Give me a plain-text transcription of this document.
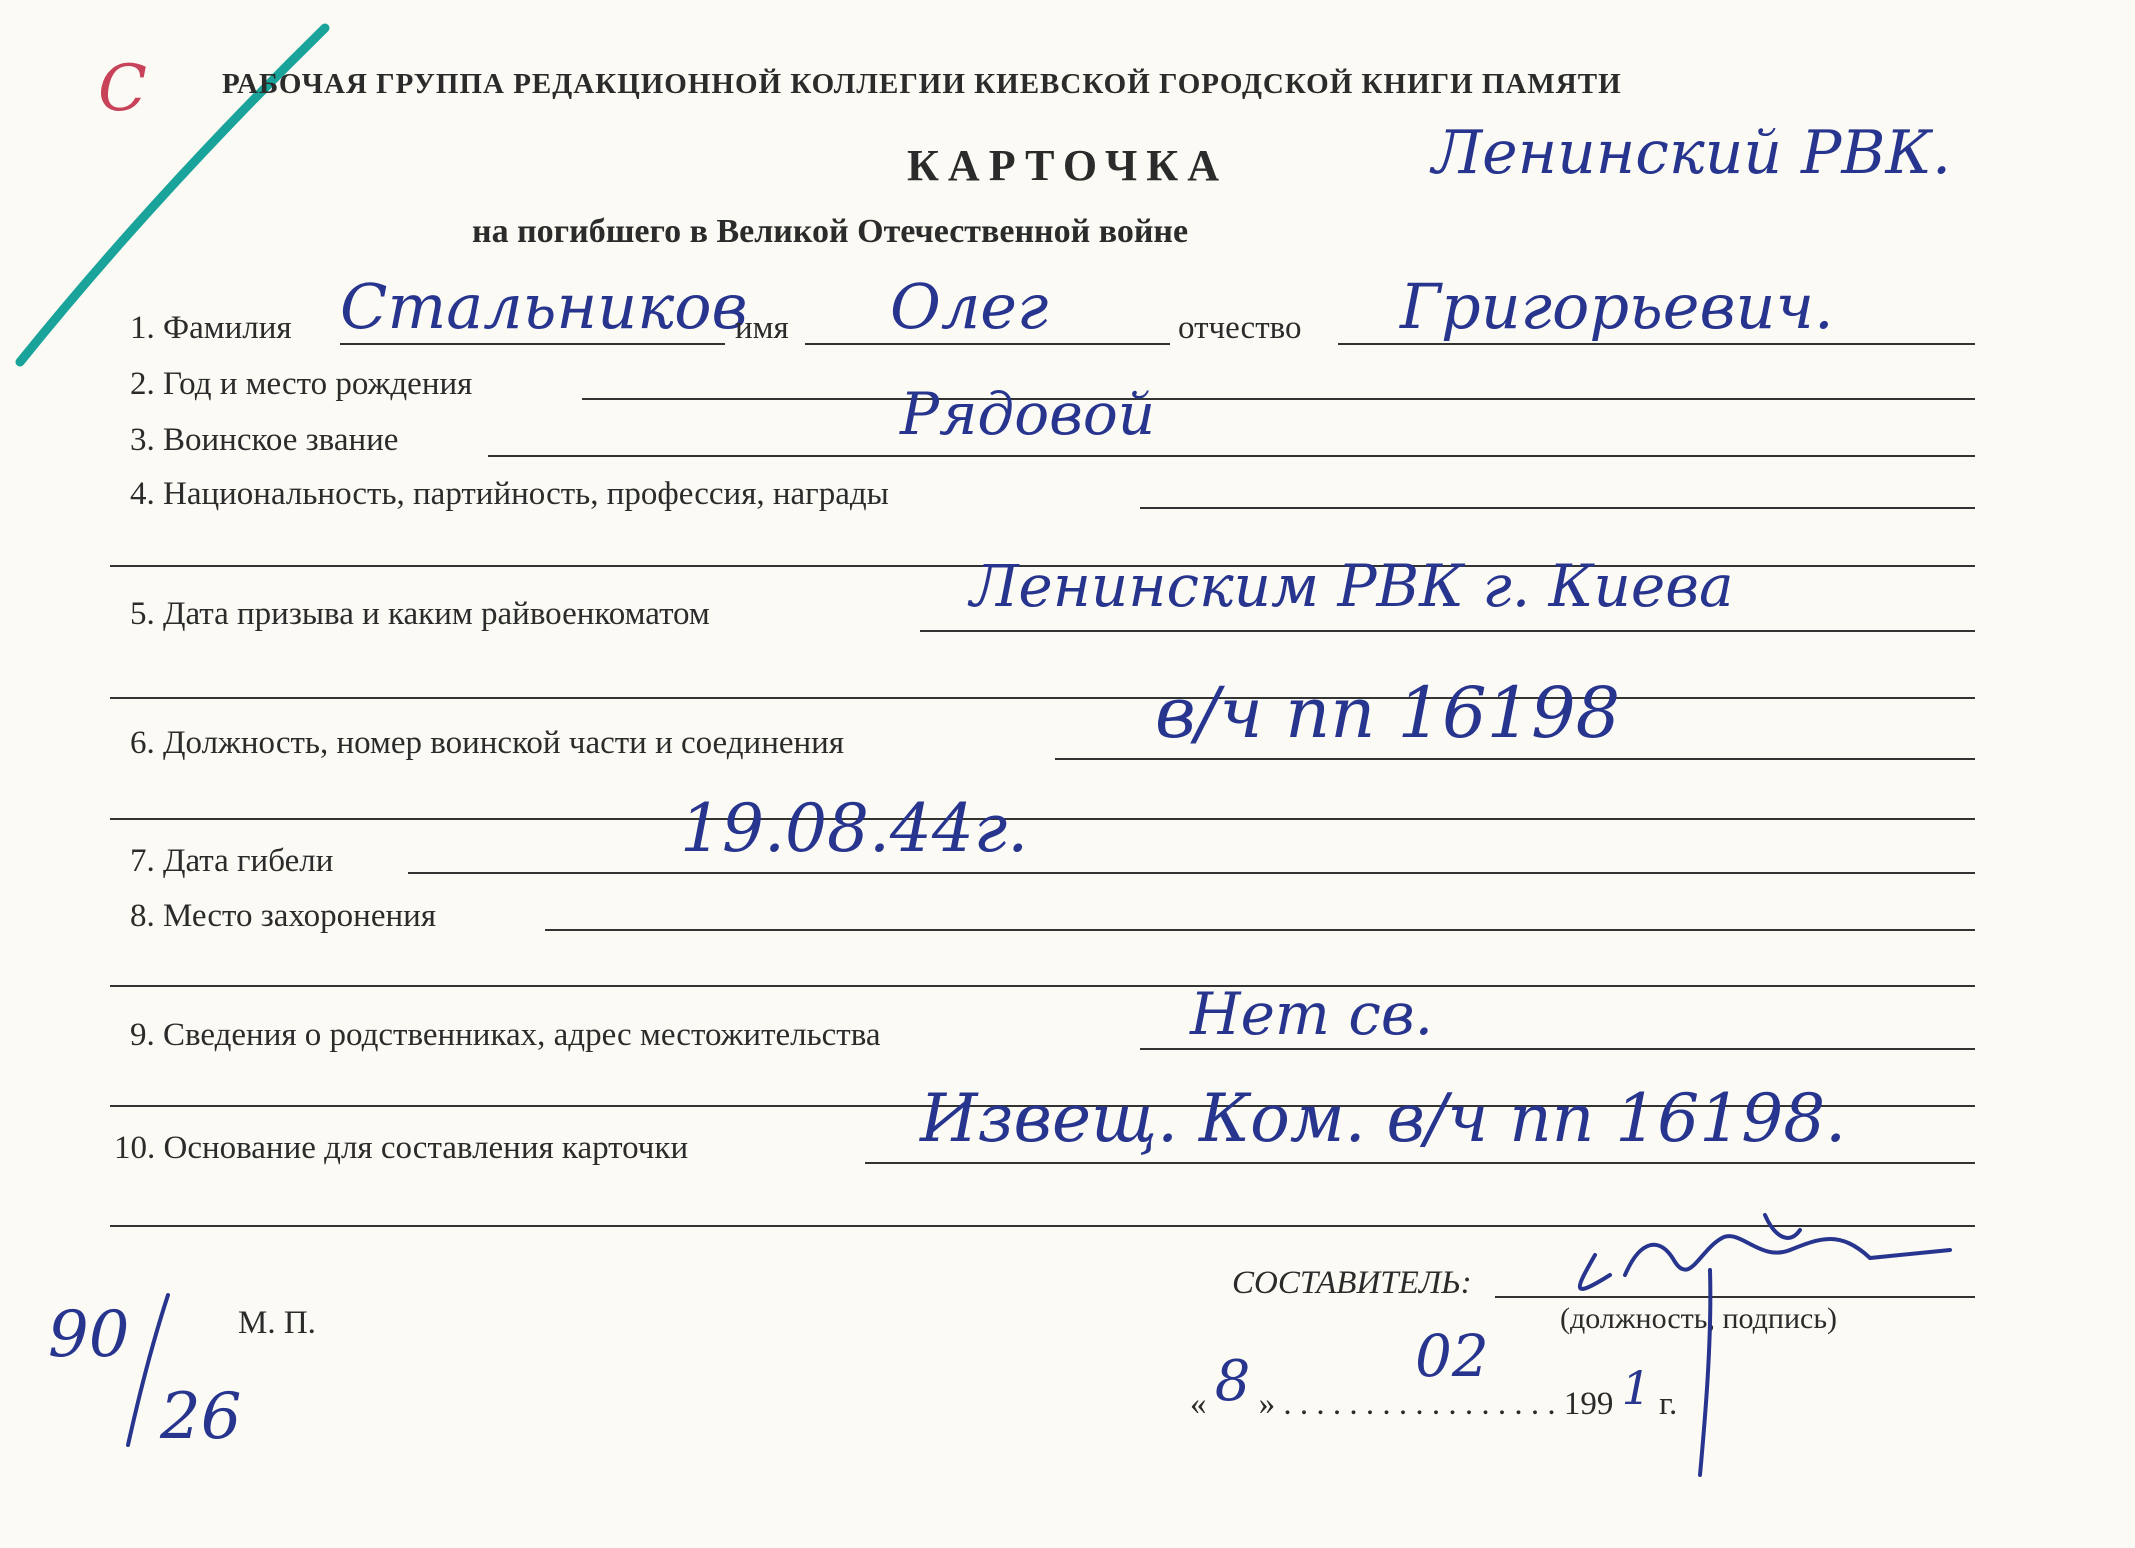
С	РАБОЧАЯ ГРУППА РЕДАКЦИОННОЙ КОЛЛЕГИИ КИЕВСКОЙ ГОРОДСКОЙ КНИГИ ПАМЯТИ
КАРТОЧКА
на погибшего в Великой Отечественной войне
Ленинский РВК.
1. Фамилия Стальников
имя Олег	отчество Григорьевич.
2. Год и место рождения
3. Воинское звание	Рядовой
4. Национальность, партийность, профессия, награды
5. Дата призыва и каким райвоенкоматом	Ленинским РВК г. Киева
6. Должность, номер воинской части и соединения	в/ч пп 16198
7. Дата гибели	19.08.44г.
8. Место захоронения
9. Сведения о родственниках, адрес местожительства	Нет св.
10. Основание для составления карточки	Извещ. Ком. в/ч пп 16198.
СОСТАВИТЕЛЬ:
(должность, подпись)
М. П.
« 8 » . . . . . . . . . . . . . . . . . 199 1 г.
02
90
26
